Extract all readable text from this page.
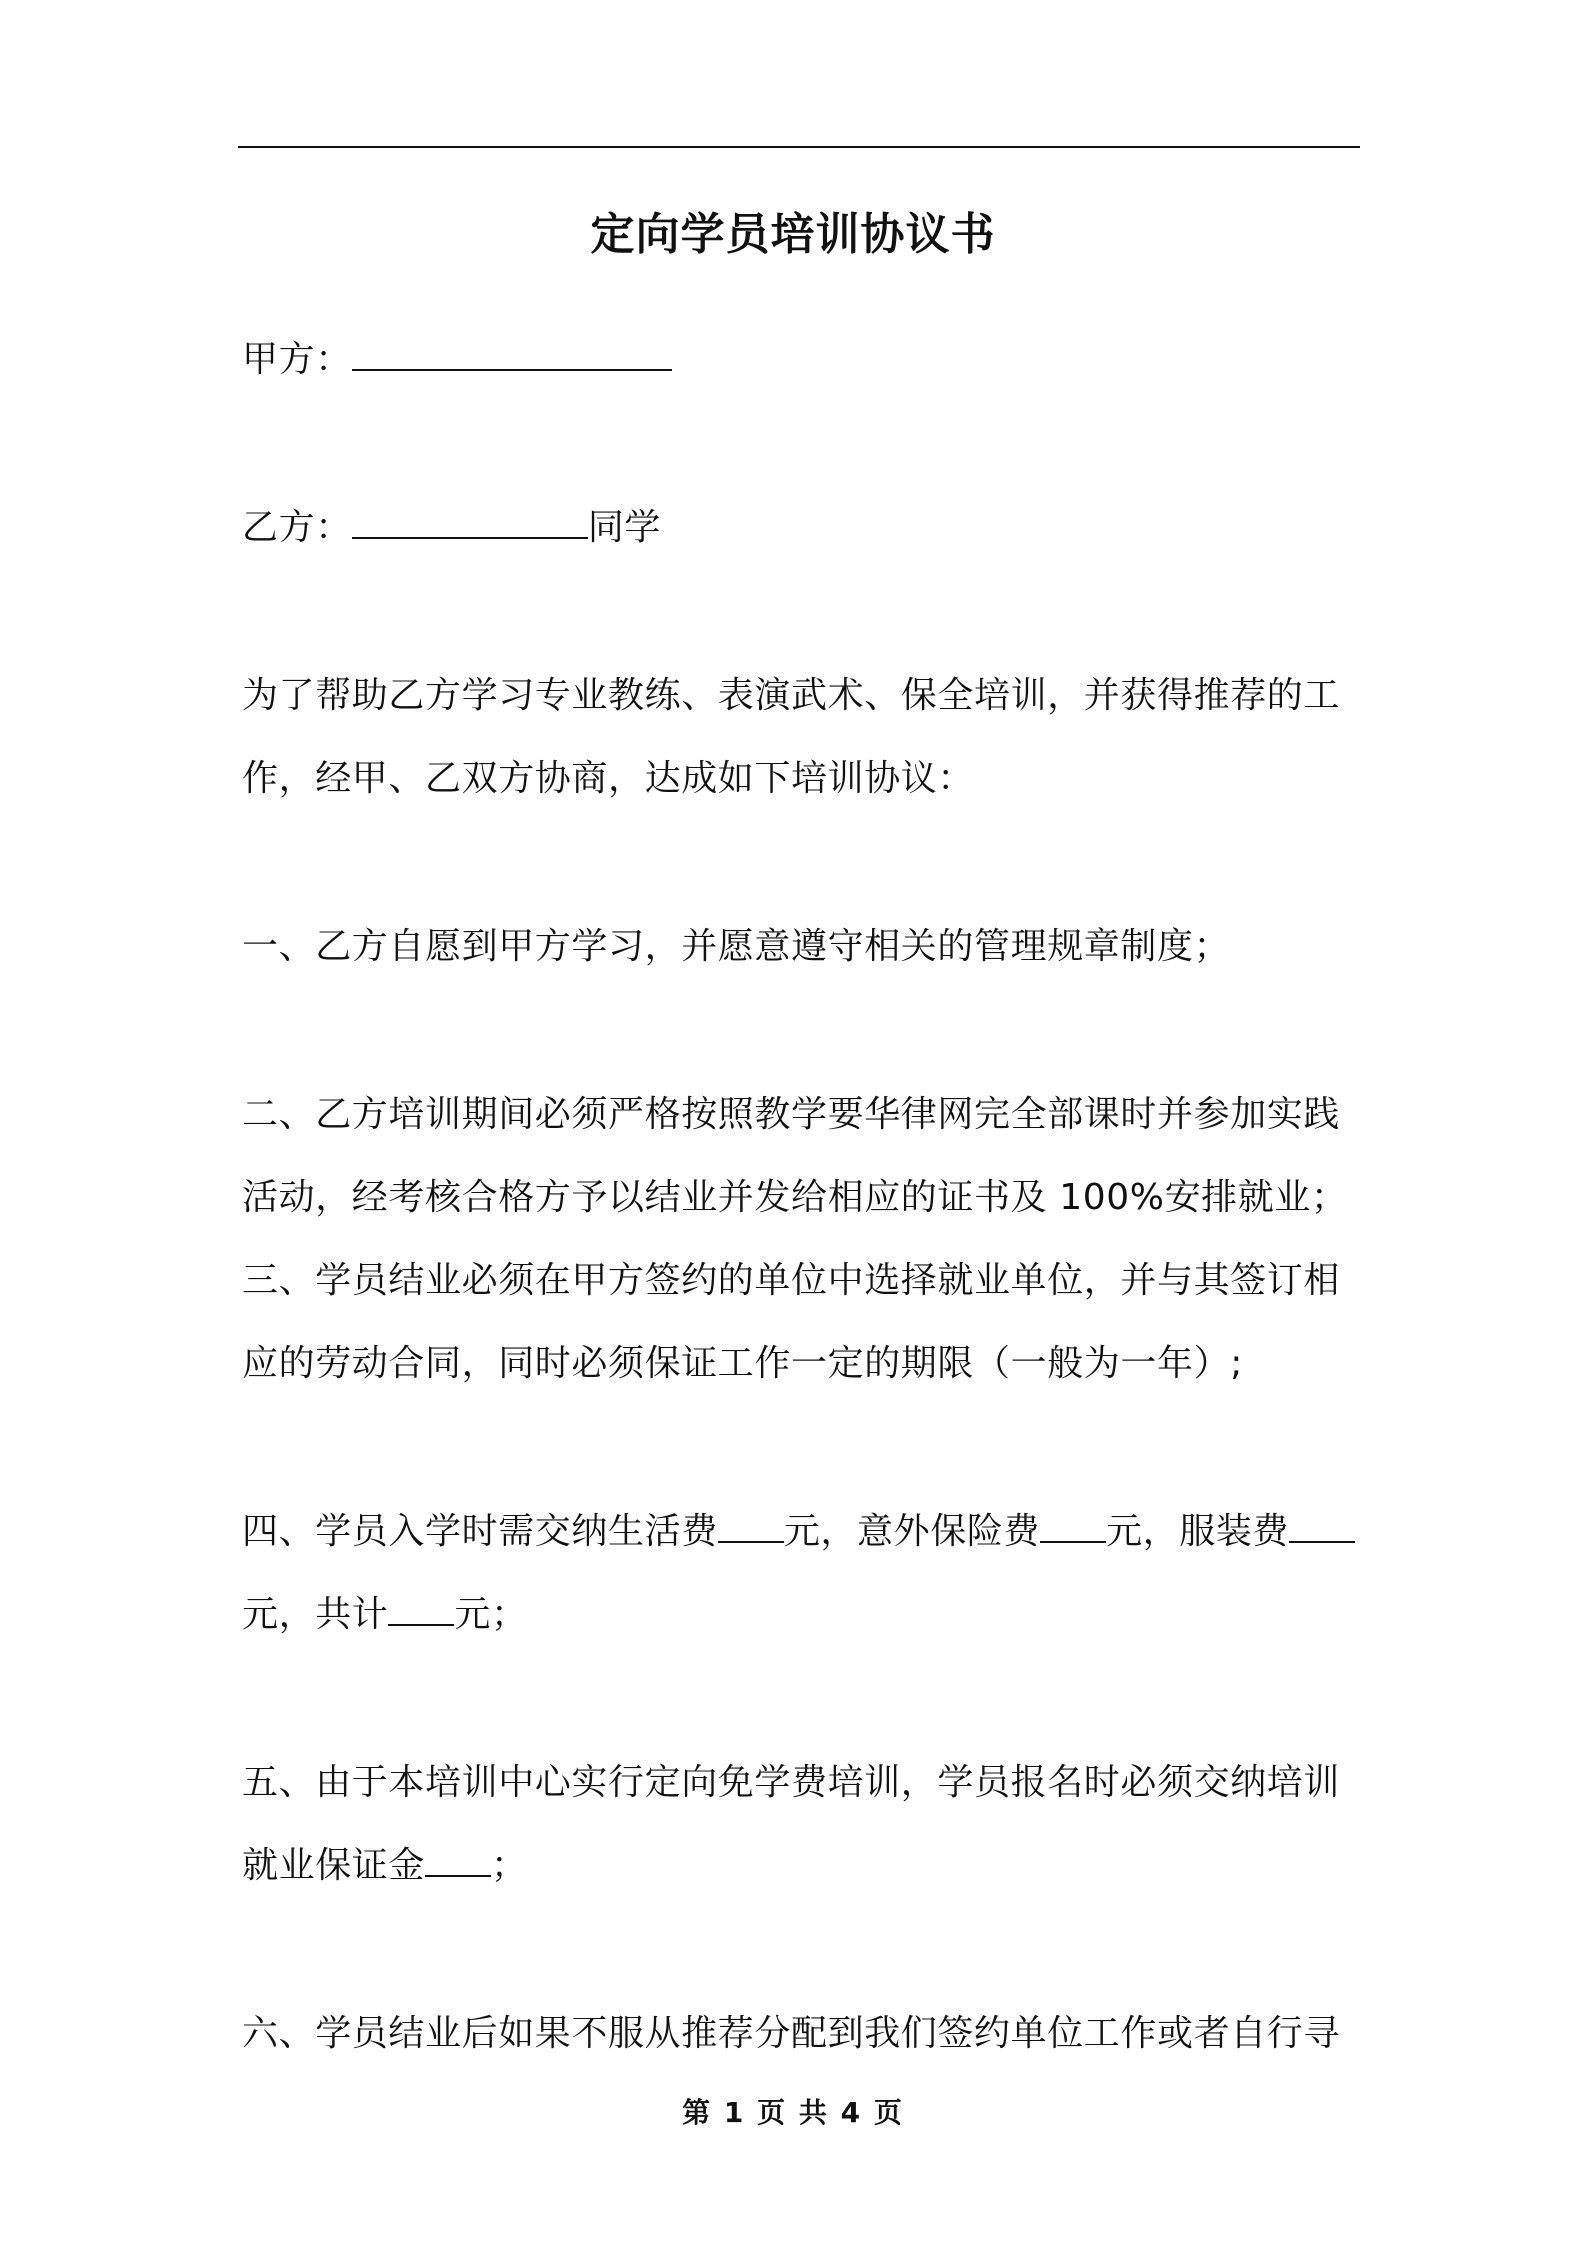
定向学员培训协议书
甲方：
乙方：	同学
为了帮助乙方学习专业教练、表演武术、保全培训，并获得推荐的工
作，经甲、乙双方协商，达成如下培训协议：
一、乙方自愿到甲方学习，并愿意遵守相关的管理规章制度；
二、乙方培训期间必须严格按照教学要华律网完全部课时并参加实践
活动，经考核合格方予以结业并发给相应的证书及 100%安排就业；
三、学员结业必须在甲方签约的单位中选择就业单位，并与其签订相
应的劳动合同，同时必须保证工作一定的期限（一般为一年）;
四、学员入学时需交纳生活费 元，意外保险费 元，服装费
元，共计 元；
五、由于本培训中心实行定向免学费培训，学员报名时必须交纳培训
就业保证金 ；
六、学员结业后如果不服从推荐分配到我们签约单位工作或者自行寻
第 1 页 共 4 页
